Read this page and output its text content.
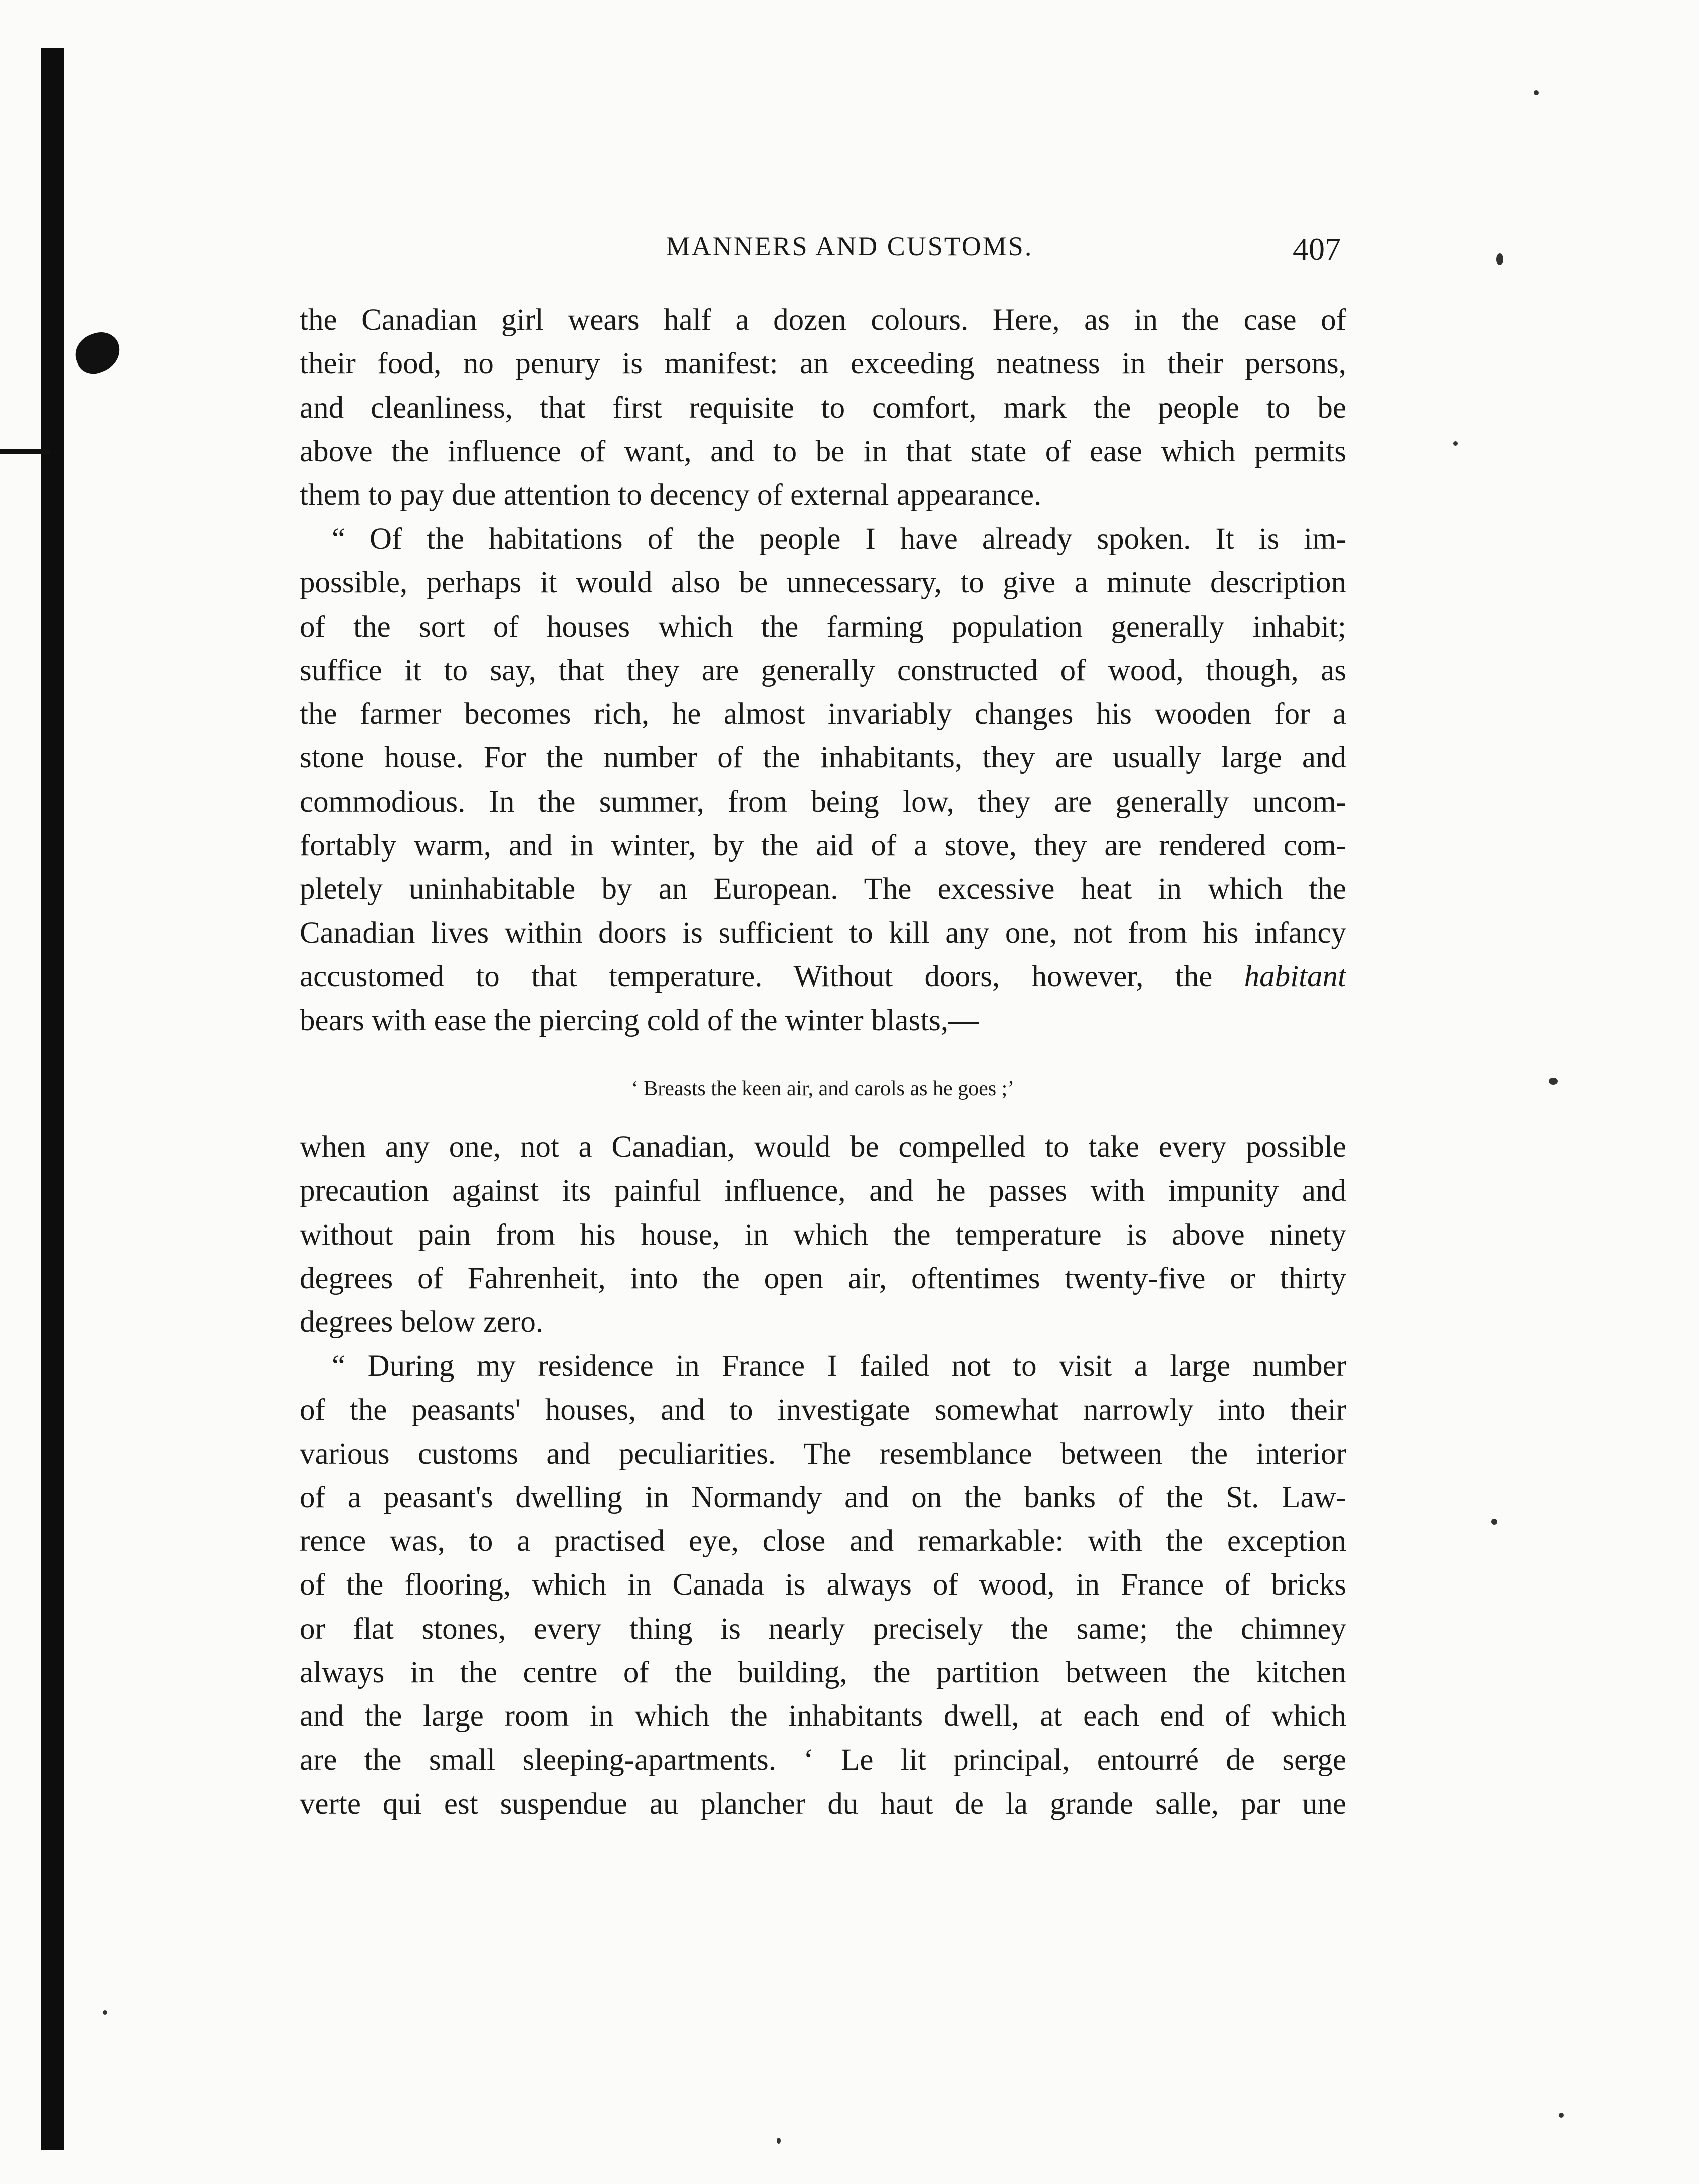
MANNERS AND CUSTOMS.	407
the Canadian girl wears half a dozen colours. Here, as in the case of
their food, no penury is manifest: an exceeding neatness in their persons,
and cleanliness, that first requisite to comfort, mark the people to be
above the influence of want, and to be in that state of ease which permits
them to pay due attention to decency of external appearance.
“ Of the habitations of the people I have already spoken. It is im-
possible, perhaps it would also be unnecessary, to give a minute description
of the sort of houses which the farming population generally inhabit;
suffice it to say, that they are generally constructed of wood, though, as
the farmer becomes rich, he almost invariably changes his wooden for a
stone house. For the number of the inhabitants, they are usually large and
commodious. In the summer, from being low, they are generally uncom-
fortably warm, and in winter, by the aid of a stove, they are rendered com-
pletely uninhabitable by an European. The excessive heat in which the
Canadian lives within doors is sufficient to kill any one, not from his infancy
accustomed to that temperature. Without doors, however, the habitant
bears with ease the piercing cold of the winter blasts,—
‘ Breasts the keen air, and carols as he goes ;’
when any one, not a Canadian, would be compelled to take every possible
precaution against its painful influence, and he passes with impunity and
without pain from his house, in which the temperature is above ninety
degrees of Fahrenheit, into the open air, oftentimes twenty-five or thirty
degrees below zero.
“ During my residence in France I failed not to visit a large number
of the peasants' houses, and to investigate somewhat narrowly into their
various customs and peculiarities. The resemblance between the interior
of a peasant's dwelling in Normandy and on the banks of the St. Law-
rence was, to a practised eye, close and remarkable: with the exception
of the flooring, which in Canada is always of wood, in France of bricks
or flat stones, every thing is nearly precisely the same; the chimney
always in the centre of the building, the partition between the kitchen
and the large room in which the inhabitants dwell, at each end of which
are the small sleeping-apartments. ‘ Le lit principal, entourré de serge
verte qui est suspendue au plancher du haut de la grande salle, par une
